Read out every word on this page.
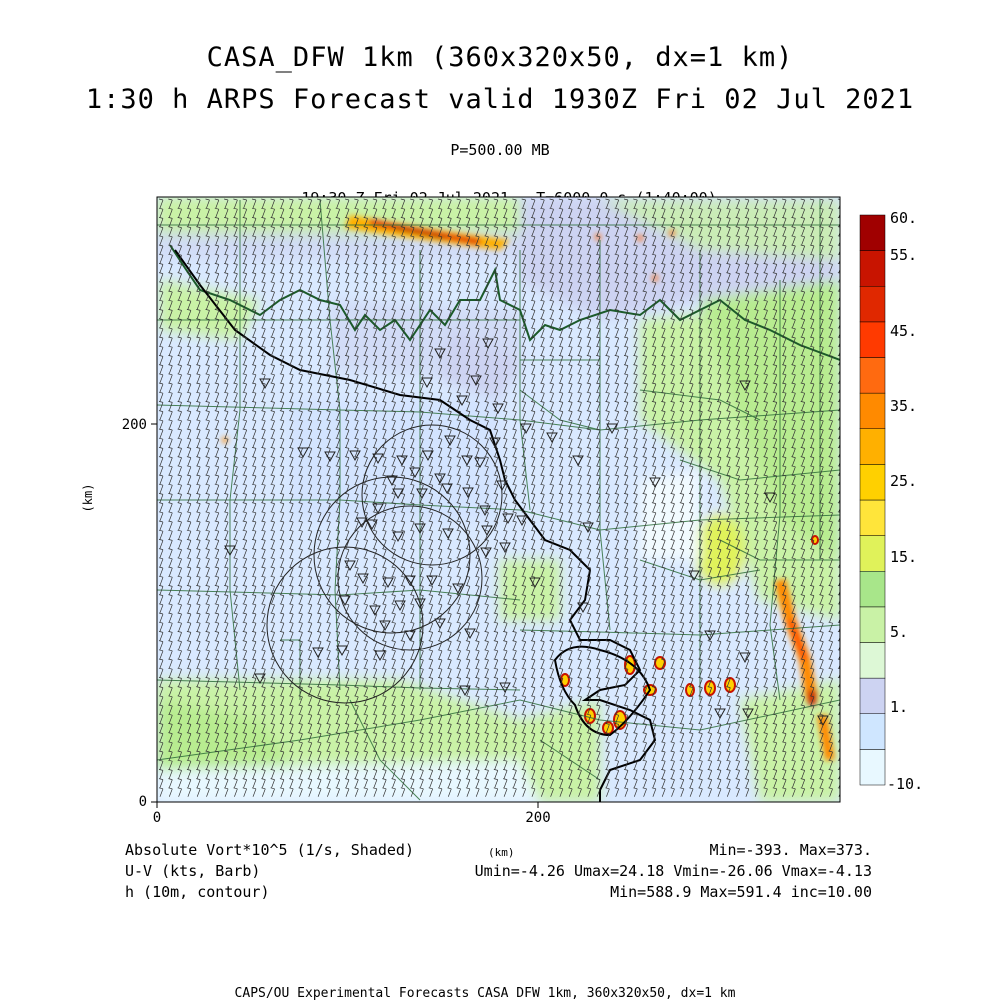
CASA_DFW 1km (360x320x50, dx=1 km)
1:30 h ARPS Forecast valid 1930Z Fri 02 Jul 2021
P=500.00 MB

0	200
0
200
(km)
60.
55.
45.
35.
25.
15.
5.
1.
-10.
Absolute Vort*10^5 (1/s, Shaded)	(km)	Min=-393. Max=373.
U-V (kts, Barb)	Umin=-4.26 Umax=24.18 Vmin=-26.06 Vmax=-4.13
h (10m, contour)	Min=588.9 Max=591.4 inc=10.00
CAPS/OU Experimental Forecasts CASA DFW 1km, 360x320x50, dx=1 km
